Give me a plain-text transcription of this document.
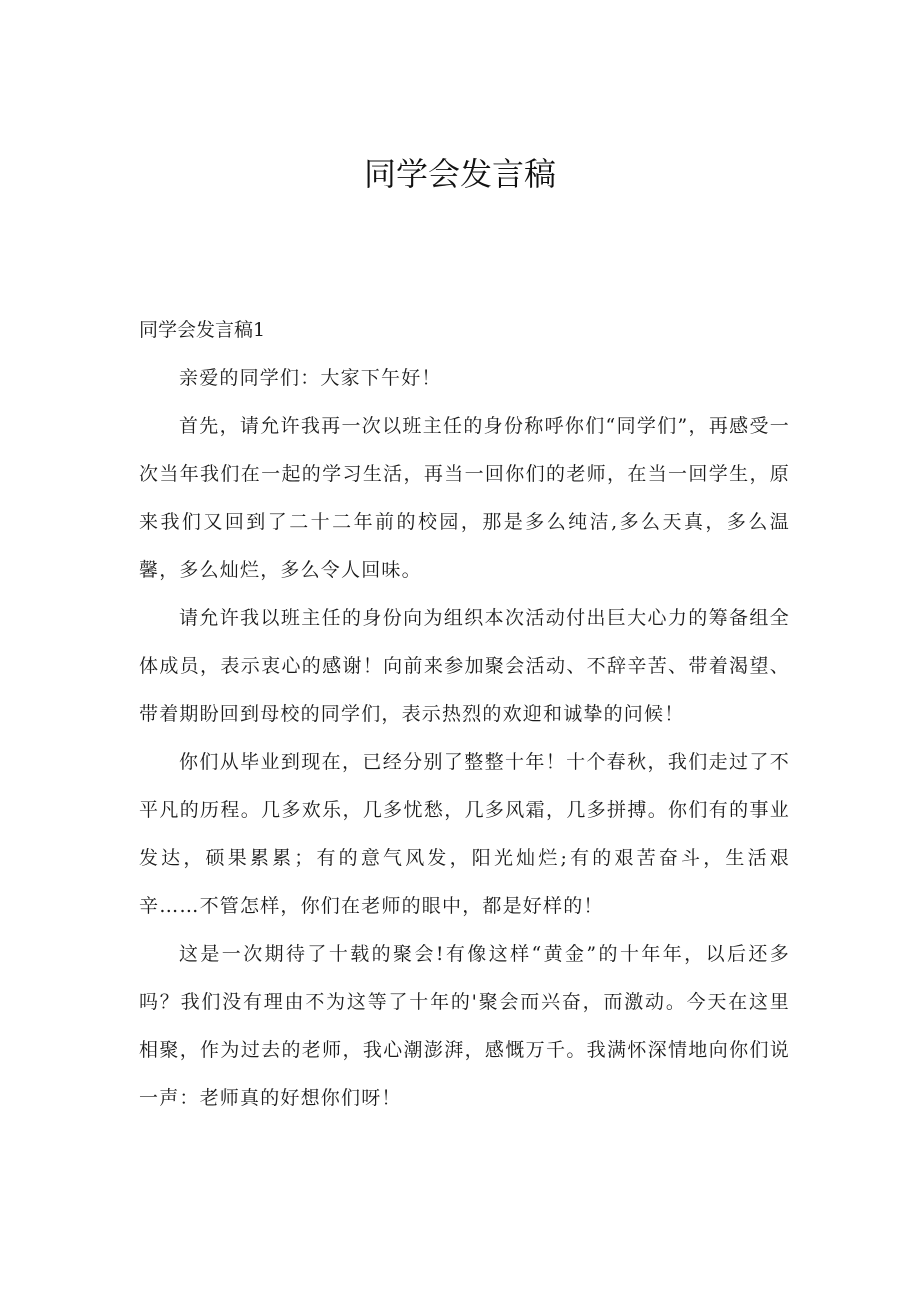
同学会发言稿
同学会发言稿1

亲爱的同学们：大家下午好！

首先，请允许我再一次以班主任的身份称呼你们“同学们”，再感受一次当年我们在一起的学习生活，再当一回你们的老师，在当一回学生，原来我们又回到了二十二年前的校园，那是多么纯洁,多么天真，多么温馨，多么灿烂，多么令人回味。

请允许我以班主任的身份向为组织本次活动付出巨大心力的筹备组全体成员，表示衷心的感谢！向前来参加聚会活动、不辞辛苦、带着渴望、带着期盼回到母校的同学们，表示热烈的欢迎和诚挚的问候！

你们从毕业到现在，已经分别了整整十年！十个春秋，我们走过了不平凡的历程。几多欢乐，几多忧愁，几多风霜，几多拼搏。你们有的事业发达，硕果累累；有的意气风发，阳光灿烂;有的艰苦奋斗，生活艰辛……不管怎样，你们在老师的眼中，都是好样的！

这是一次期待了十载的聚会!有像这样“黄金”的十年年，以后还多吗？我们没有理由不为这等了十年的'聚会而兴奋，而激动。今天在这里相聚，作为过去的老师，我心潮澎湃，感慨万千。我满怀深情地向你们说一声：老师真的好想你们呀！
